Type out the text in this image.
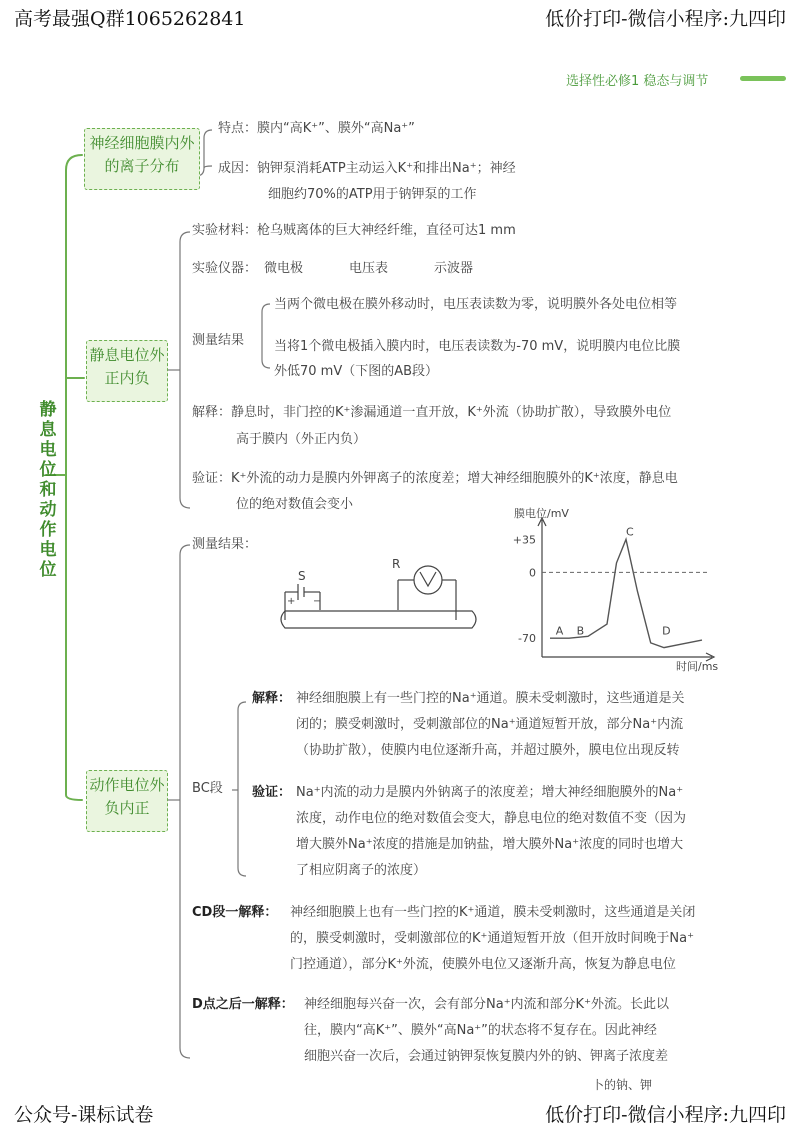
高考最强Q群1065262841	低价打印-微信小程序:九四印
公众号-课标试卷	低价打印-微信小程序:九四印
卜的钠、钾
选择性必修1 稳态与调节
静息电位和动作电位
神经细胞膜内外的离子分布
静息电位外正内负
动作电位外负内正
特点：膜内“高K⁺”、膜外“高Na⁺”
成因：钠钾泵消耗ATP主动运入K⁺和排出Na⁺；神经
细胞约70%的ATP用于钠钾泵的工作
实验材料：枪乌贼离体的巨大神经纤维，直径可达1 mm
实验仪器： 微电极	电压表	示波器
测量结果
当两个微电极在膜外移动时，电压表读数为零，说明膜外各处电位相等
当将1个微电极插入膜内时，电压表读数为-70 mV，说明膜内电位比膜
外低70 mV（下图的AB段）
解释：静息时，非门控的K⁺渗漏通道一直开放，K⁺外流（协助扩散），导致膜外电位
高于膜内（外正内负）
验证：K⁺外流的动力是膜内外钾离子的浓度差；增大神经细胞膜外的K⁺浓度，静息电
位的绝对数值会变小
测量结果：
S
R
+ −
膜电位/mV
时间/ms
+35
0
-70
A B
C
D
BC段
解释： 神经细胞膜上有一些门控的Na⁺通道。膜未受刺激时，这些通道是关
闭的；膜受刺激时，受刺激部位的Na⁺通道短暂开放，部分Na⁺内流
（协助扩散），使膜内电位逐渐升高，并超过膜外，膜电位出现反转
验证： Na⁺内流的动力是膜内外钠离子的浓度差；增大神经细胞膜外的Na⁺
浓度，动作电位的绝对数值会变大，静息电位的绝对数值不变（因为
增大膜外Na⁺浓度的措施是加钠盐，增大膜外Na⁺浓度的同时也增大
了相应阴离子的浓度）
CD段一解释： 神经细胞膜上也有一些门控的K⁺通道，膜未受刺激时，这些通道是关闭
的，膜受刺激时，受刺激部位的K⁺通道短暂开放（但开放时间晚于Na⁺
门控通道），部分K⁺外流，使膜外电位又逐渐升高，恢复为静息电位
D点之后一解释： 神经细胞每兴奋一次，会有部分Na⁺内流和部分K⁺外流。长此以
往，膜内“高K⁺”、膜外“高Na⁺”的状态将不复存在。因此神经
细胞兴奋一次后，会通过钠钾泵恢复膜内外的钠、钾离子浓度差
